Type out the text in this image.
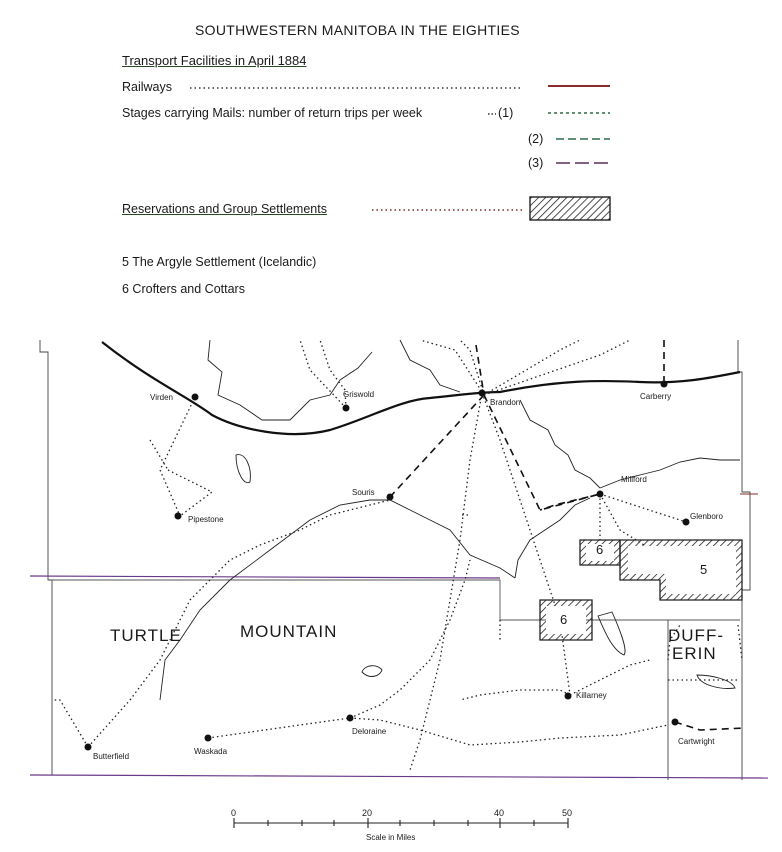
SOUTHWESTERN MANITOBA IN THE EIGHTIES
Transport Facilities in April 1884
Railways
Stages carrying Mails: number of return trips per week	(1)
(2)
(3)
Reservations and Group Settlements
5 The Argyle Settlement (Icelandic)
6 Crofters and Cottars
Virden	Griswold
Brandon
Carberry
Souris
Pipestone
Millford
Glenboro
Killarney
Deloraine
Waskada
Butterfield
Cartwright
TURTLE	MOUNTAIN	DUFF-
ERIN
6
5
6
0	20	40	50
Scale in Miles
